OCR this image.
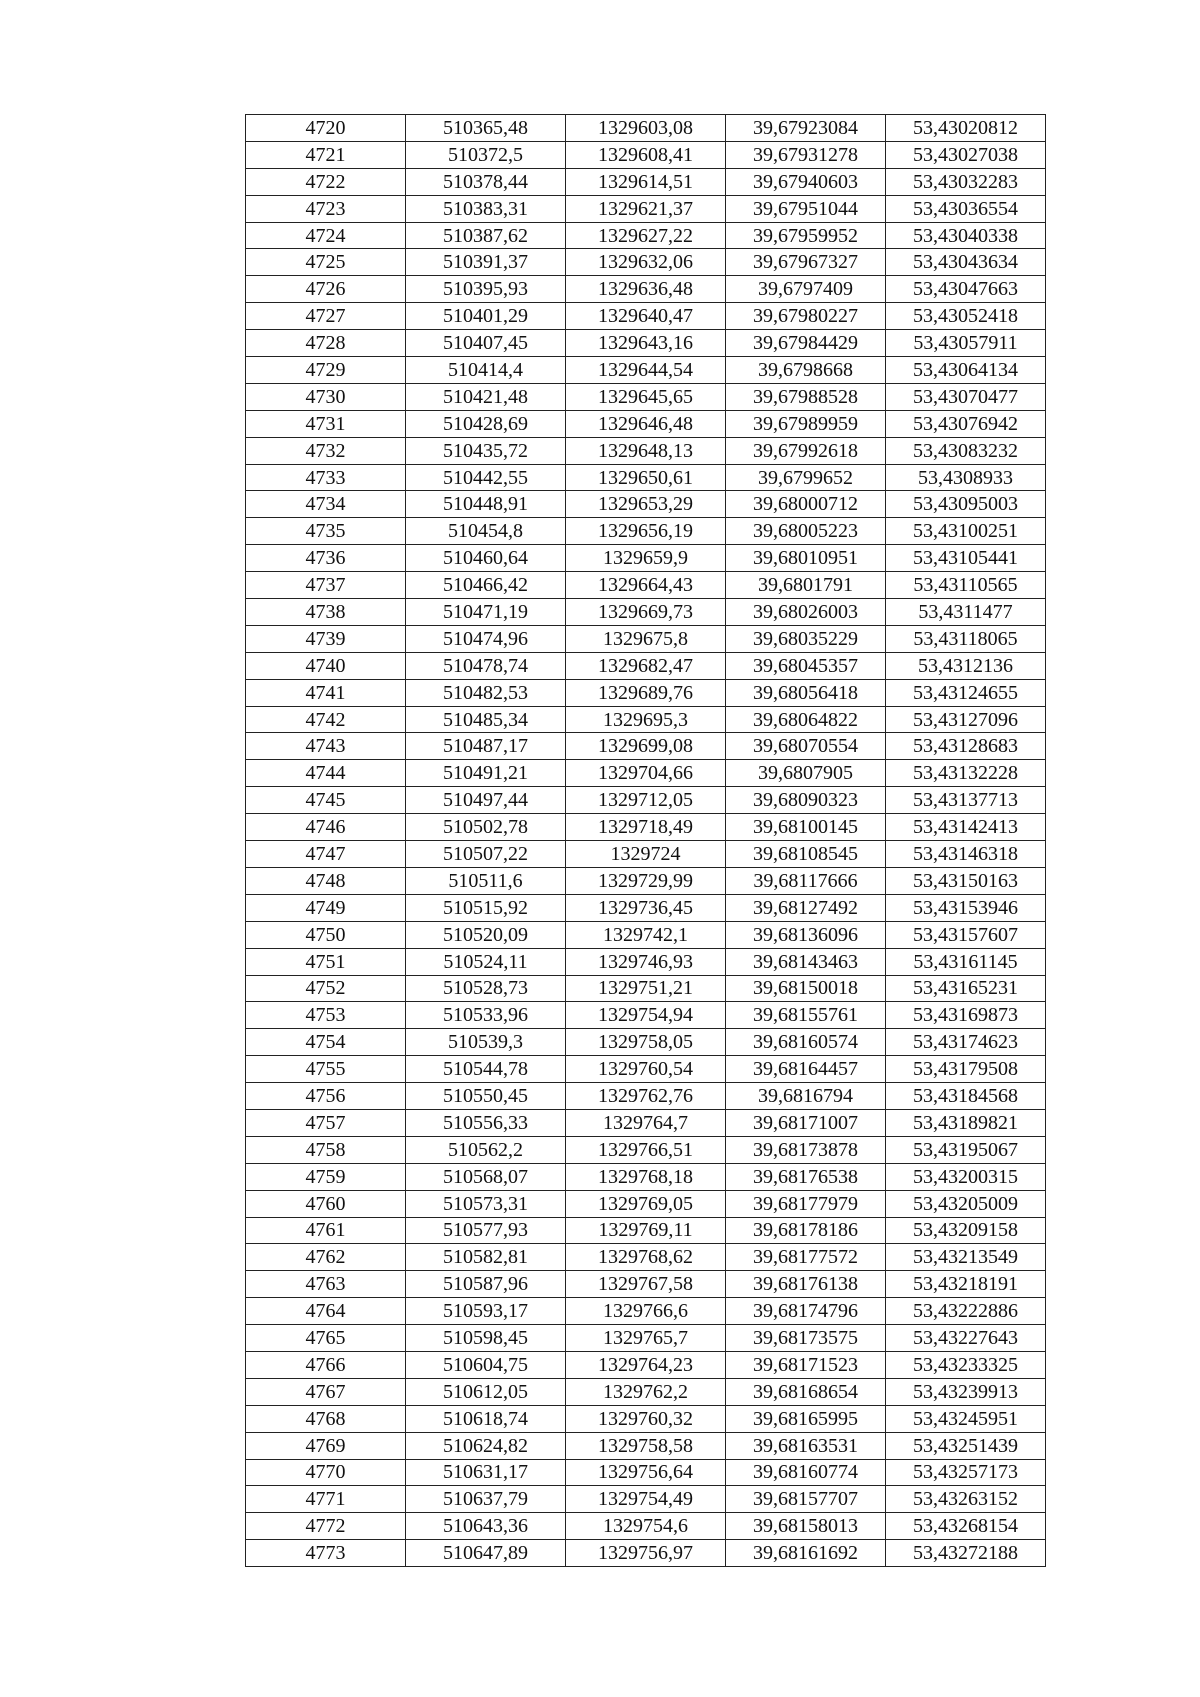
4720	510365,48	1329603,08	39,67923084	53,43020812
4721	510372,5	1329608,41	39,67931278	53,43027038
4722	510378,44	1329614,51	39,67940603	53,43032283
4723	510383,31	1329621,37	39,67951044	53,43036554
4724	510387,62	1329627,22	39,67959952	53,43040338
4725	510391,37	1329632,06	39,67967327	53,43043634
4726	510395,93	1329636,48	39,6797409	53,43047663
4727	510401,29	1329640,47	39,67980227	53,43052418
4728	510407,45	1329643,16	39,67984429	53,43057911
4729	510414,4	1329644,54	39,6798668	53,43064134
4730	510421,48	1329645,65	39,67988528	53,43070477
4731	510428,69	1329646,48	39,67989959	53,43076942
4732	510435,72	1329648,13	39,67992618	53,43083232
4733	510442,55	1329650,61	39,6799652	53,4308933
4734	510448,91	1329653,29	39,68000712	53,43095003
4735	510454,8	1329656,19	39,68005223	53,43100251
4736	510460,64	1329659,9	39,68010951	53,43105441
4737	510466,42	1329664,43	39,6801791	53,43110565
4738	510471,19	1329669,73	39,68026003	53,4311477
4739	510474,96	1329675,8	39,68035229	53,43118065
4740	510478,74	1329682,47	39,68045357	53,4312136
4741	510482,53	1329689,76	39,68056418	53,43124655
4742	510485,34	1329695,3	39,68064822	53,43127096
4743	510487,17	1329699,08	39,68070554	53,43128683
4744	510491,21	1329704,66	39,6807905	53,43132228
4745	510497,44	1329712,05	39,68090323	53,43137713
4746	510502,78	1329718,49	39,68100145	53,43142413
4747	510507,22	1329724	39,68108545	53,43146318
4748	510511,6	1329729,99	39,68117666	53,43150163
4749	510515,92	1329736,45	39,68127492	53,43153946
4750	510520,09	1329742,1	39,68136096	53,43157607
4751	510524,11	1329746,93	39,68143463	53,43161145
4752	510528,73	1329751,21	39,68150018	53,43165231
4753	510533,96	1329754,94	39,68155761	53,43169873
4754	510539,3	1329758,05	39,68160574	53,43174623
4755	510544,78	1329760,54	39,68164457	53,43179508
4756	510550,45	1329762,76	39,6816794	53,43184568
4757	510556,33	1329764,7	39,68171007	53,43189821
4758	510562,2	1329766,51	39,68173878	53,43195067
4759	510568,07	1329768,18	39,68176538	53,43200315
4760	510573,31	1329769,05	39,68177979	53,43205009
4761	510577,93	1329769,11	39,68178186	53,43209158
4762	510582,81	1329768,62	39,68177572	53,43213549
4763	510587,96	1329767,58	39,68176138	53,43218191
4764	510593,17	1329766,6	39,68174796	53,43222886
4765	510598,45	1329765,7	39,68173575	53,43227643
4766	510604,75	1329764,23	39,68171523	53,43233325
4767	510612,05	1329762,2	39,68168654	53,43239913
4768	510618,74	1329760,32	39,68165995	53,43245951
4769	510624,82	1329758,58	39,68163531	53,43251439
4770	510631,17	1329756,64	39,68160774	53,43257173
4771	510637,79	1329754,49	39,68157707	53,43263152
4772	510643,36	1329754,6	39,68158013	53,43268154
4773	510647,89	1329756,97	39,68161692	53,43272188
